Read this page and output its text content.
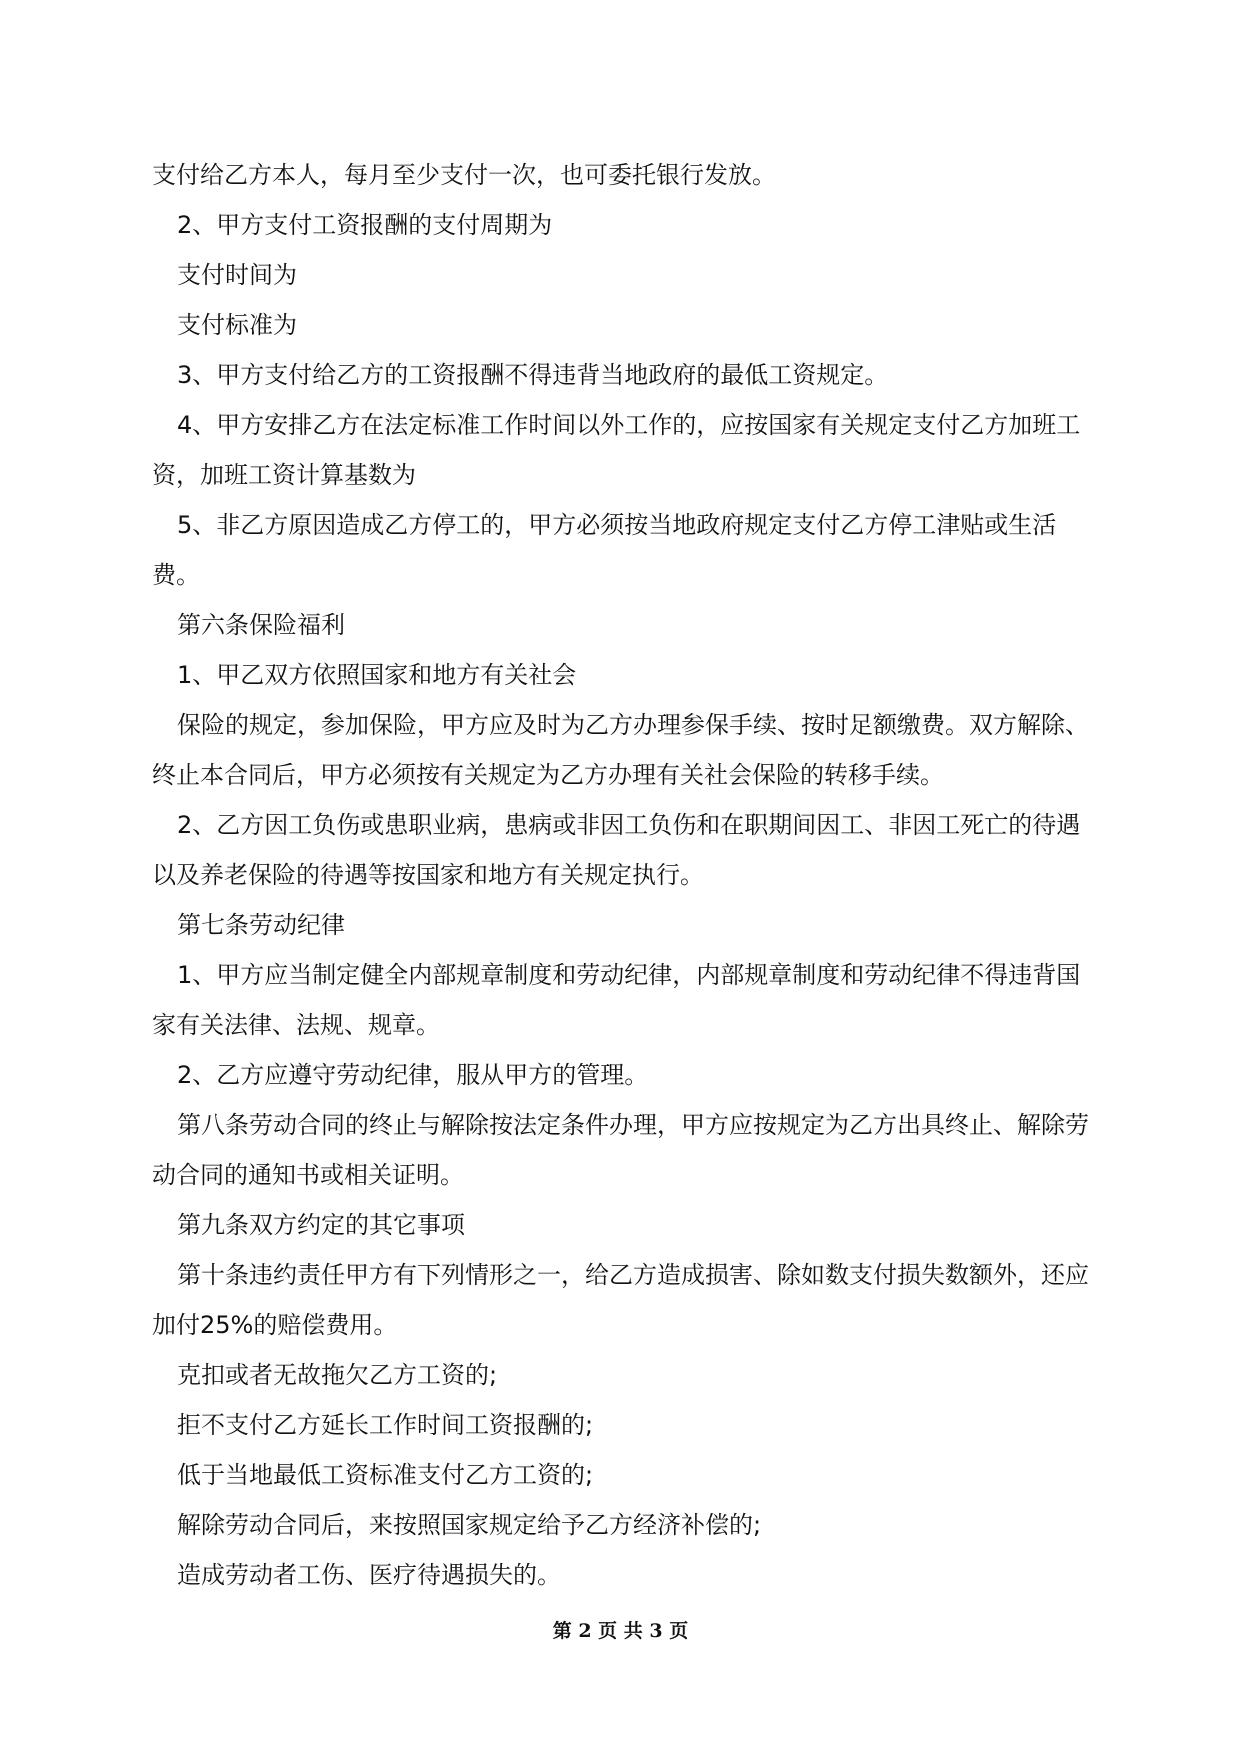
支付给乙方本人，每月至少支付一次，也可委托银行发放。

2、甲方支付工资报酬的支付周期为

支付时间为

支付标准为

3、甲方支付给乙方的工资报酬不得违背当地政府的最低工资规定。

4、甲方安排乙方在法定标准工作时间以外工作的，应按国家有关规定支付乙方加班工资，加班工资计算基数为

5、非乙方原因造成乙方停工的，甲方必须按当地政府规定支付乙方停工津贴或生活费。

第六条保险福利

1、甲乙双方依照国家和地方有关社会

保险的规定，参加保险，甲方应及时为乙方办理参保手续、按时足额缴费。双方解除、终止本合同后，甲方必须按有关规定为乙方办理有关社会保险的转移手续。

2、乙方因工负伤或患职业病，患病或非因工负伤和在职期间因工、非因工死亡的待遇以及养老保险的待遇等按国家和地方有关规定执行。

第七条劳动纪律

1、甲方应当制定健全内部规章制度和劳动纪律，内部规章制度和劳动纪律不得违背国家有关法律、法规、规章。

2、乙方应遵守劳动纪律，服从甲方的管理。

第八条劳动合同的终止与解除按法定条件办理，甲方应按规定为乙方出具终止、解除劳动合同的通知书或相关证明。

第九条双方约定的其它事项

第十条违约责任甲方有下列情形之一，给乙方造成损害、除如数支付损失数额外，还应加付25%的赔偿费用。

克扣或者无故拖欠乙方工资的;

拒不支付乙方延长工作时间工资报酬的;

低于当地最低工资标准支付乙方工资的;

解除劳动合同后，来按照国家规定给予乙方经济补偿的;

造成劳动者工伤、医疗待遇损失的。

第 2 页 共 3 页
